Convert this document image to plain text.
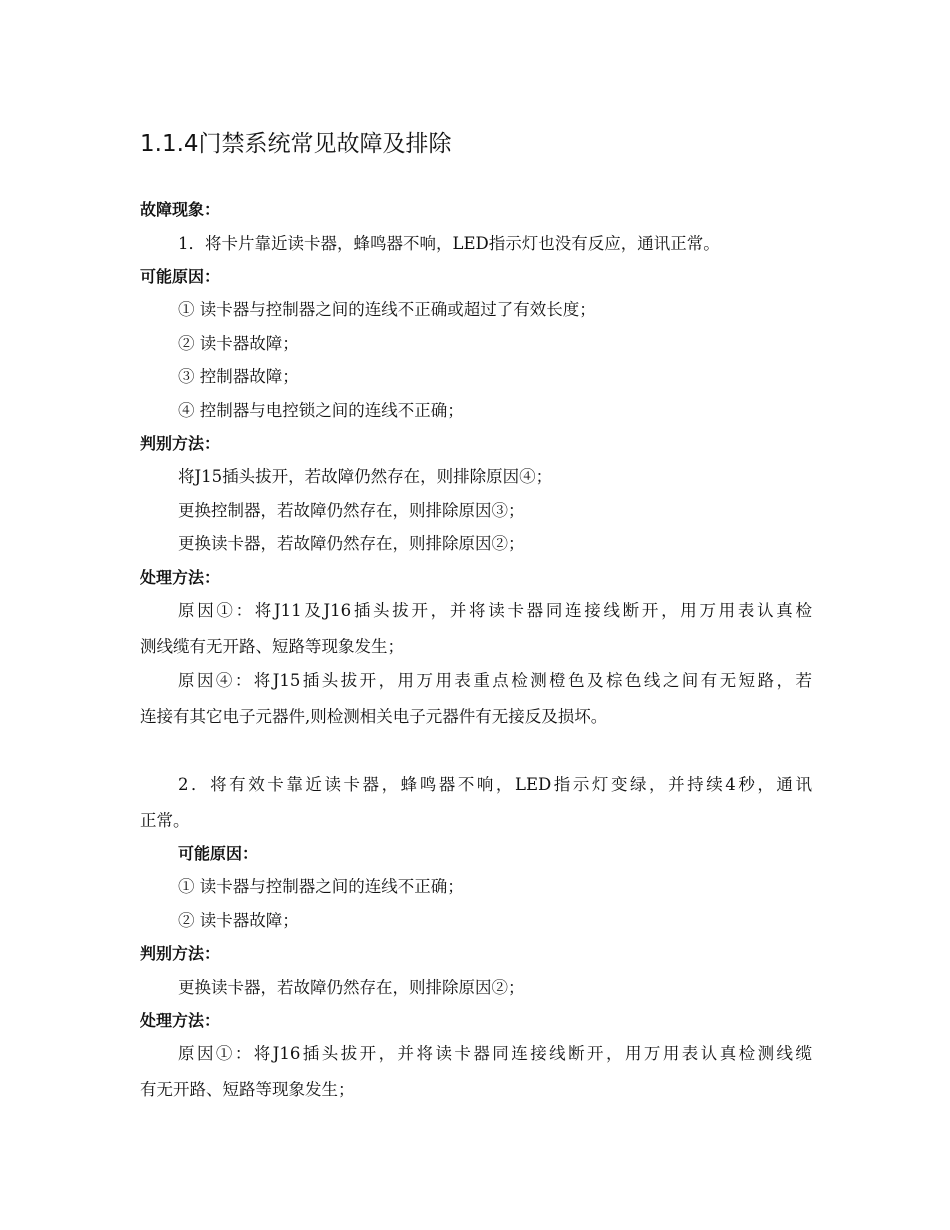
1.1.4门禁系统常见故障及排除
故障现象：
1．将卡片靠近读卡器，蜂鸣器不响，LED指示灯也没有反应，通讯正常。
可能原因：
① 读卡器与控制器之间的连线不正确或超过了有效长度；
② 读卡器故障；
③ 控制器故障；
④ 控制器与电控锁之间的连线不正确；
判别方法：
将J15插头拔开，若故障仍然存在，则排除原因④；
更换控制器，若故障仍然存在，则排除原因③；
更换读卡器，若故障仍然存在，则排除原因②；
处理方法：
原因①：将J11及J16插头拔开，并将读卡器同连接线断开，用万用表认真检
测线缆有无开路、短路等现象发生；
原因④：将J15插头拔开，用万用表重点检测橙色及棕色线之间有无短路，若
连接有其它电子元器件,则检测相关电子元器件有无接反及损坏。
2．将有效卡靠近读卡器，蜂鸣器不响，LED指示灯变绿，并持续4秒，通讯
正常。
可能原因：
① 读卡器与控制器之间的连线不正确；
② 读卡器故障；
判别方法：
更换读卡器，若故障仍然存在，则排除原因②；
处理方法：
原因①：将J16插头拔开，并将读卡器同连接线断开，用万用表认真检测线缆
有无开路、短路等现象发生；
